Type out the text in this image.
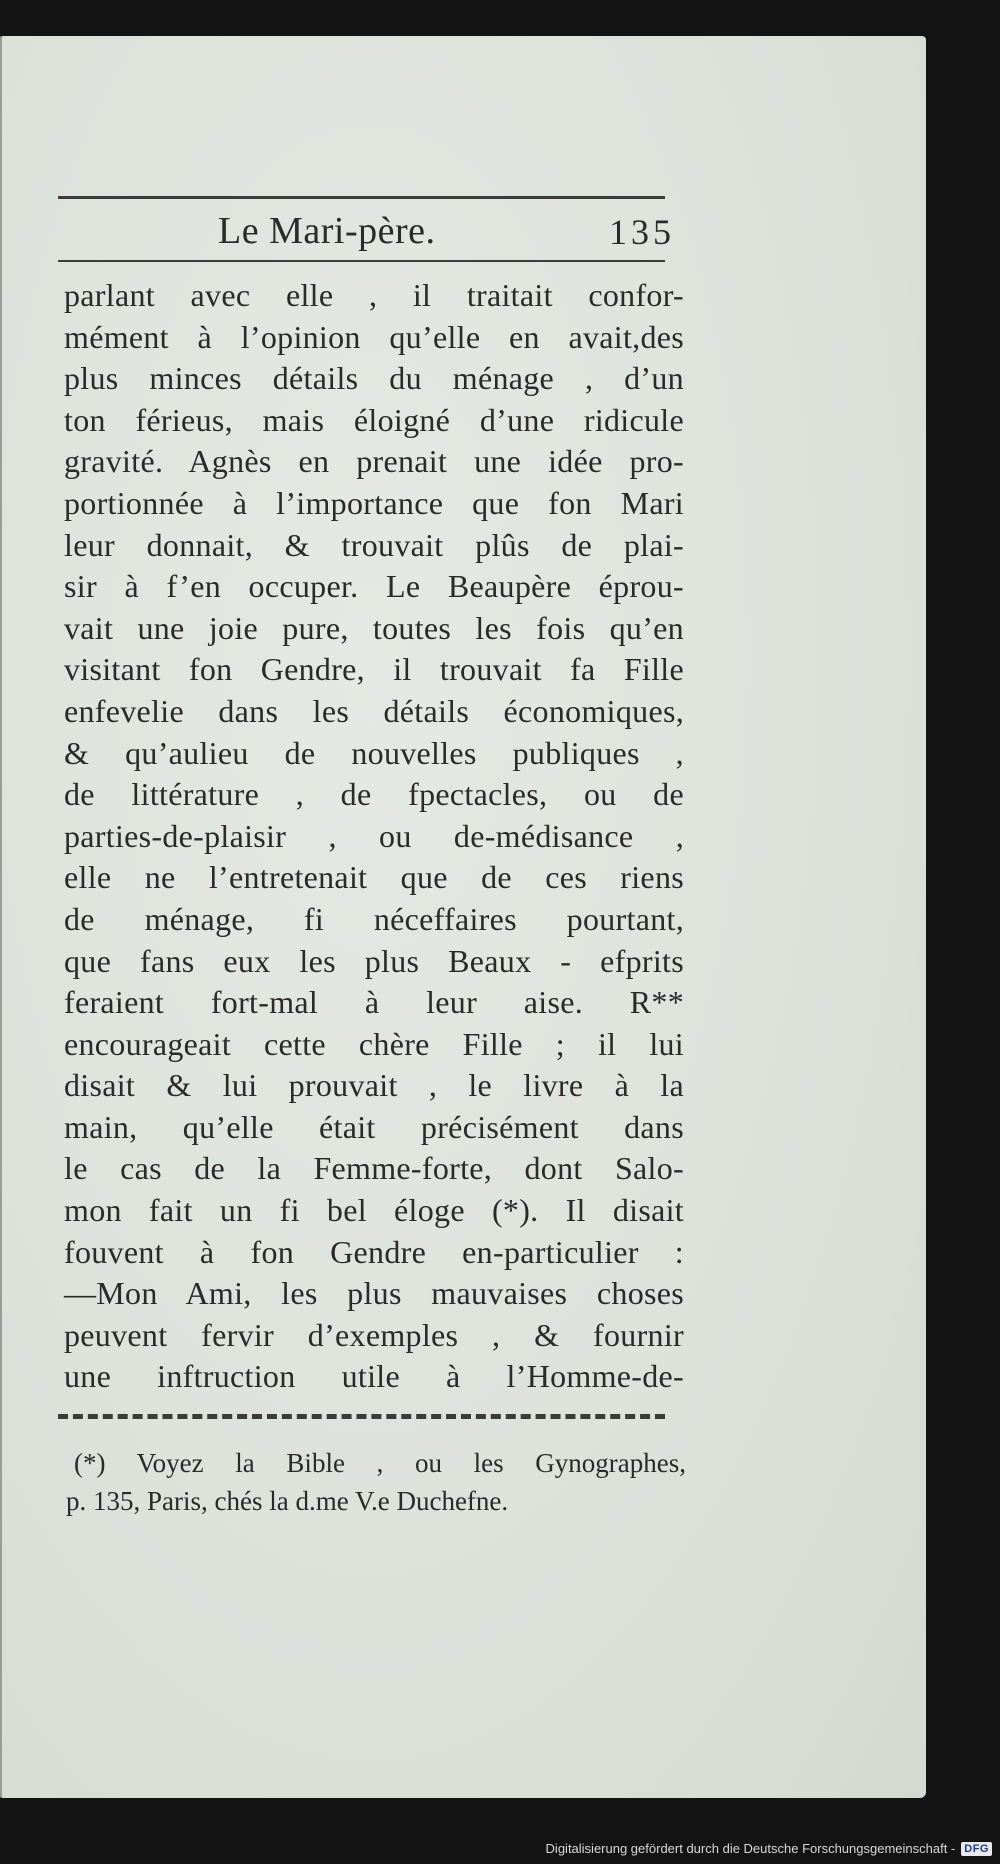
Le Mari-père.	135
parlant avec elle , il traitait confor-
mément à l’opinion qu’elle en avait,des
plus minces détails du ménage , d’un
ton férieus, mais éloigné d’une ridicule
gravité. Agnès en prenait une idée pro-
portionnée à l’importance que fon Mari
leur donnait, & trouvait plûs de plai-
sir à f’en occuper. Le Beaupère éprou-
vait une joie pure, toutes les fois qu’en
visitant fon Gendre, il trouvait fa Fille
enfevelie dans les détails économiques,
& qu’aulieu de nouvelles publiques ,
de littérature , de fpectacles, ou de
parties-de-plaisir , ou de-médisance ,
elle ne l’entretenait que de ces riens
de ménage, fi néceffaires pourtant,
que fans eux les plus Beaux - efprits
feraient fort-mal à leur aise. R**
encourageait cette chère Fille ; il lui
disait & lui prouvait , le livre à la
main, qu’elle était précisément dans
le cas de la Femme-forte, dont Salo-
mon fait un fi bel éloge (*). Il disait
fouvent à fon Gendre en-particulier :
—Mon Ami, les plus mauvaises choses
peuvent fervir d’exemples , & fournir
une inftruction utile à l’Homme-de-
(*) Voyez la Bible , ou les Gynographes,
p. 135, Paris, chés la d.me V.e Duchefne.
Digitalisierung gefördert durch die Deutsche Forschungsgemeinschaft - DFG
